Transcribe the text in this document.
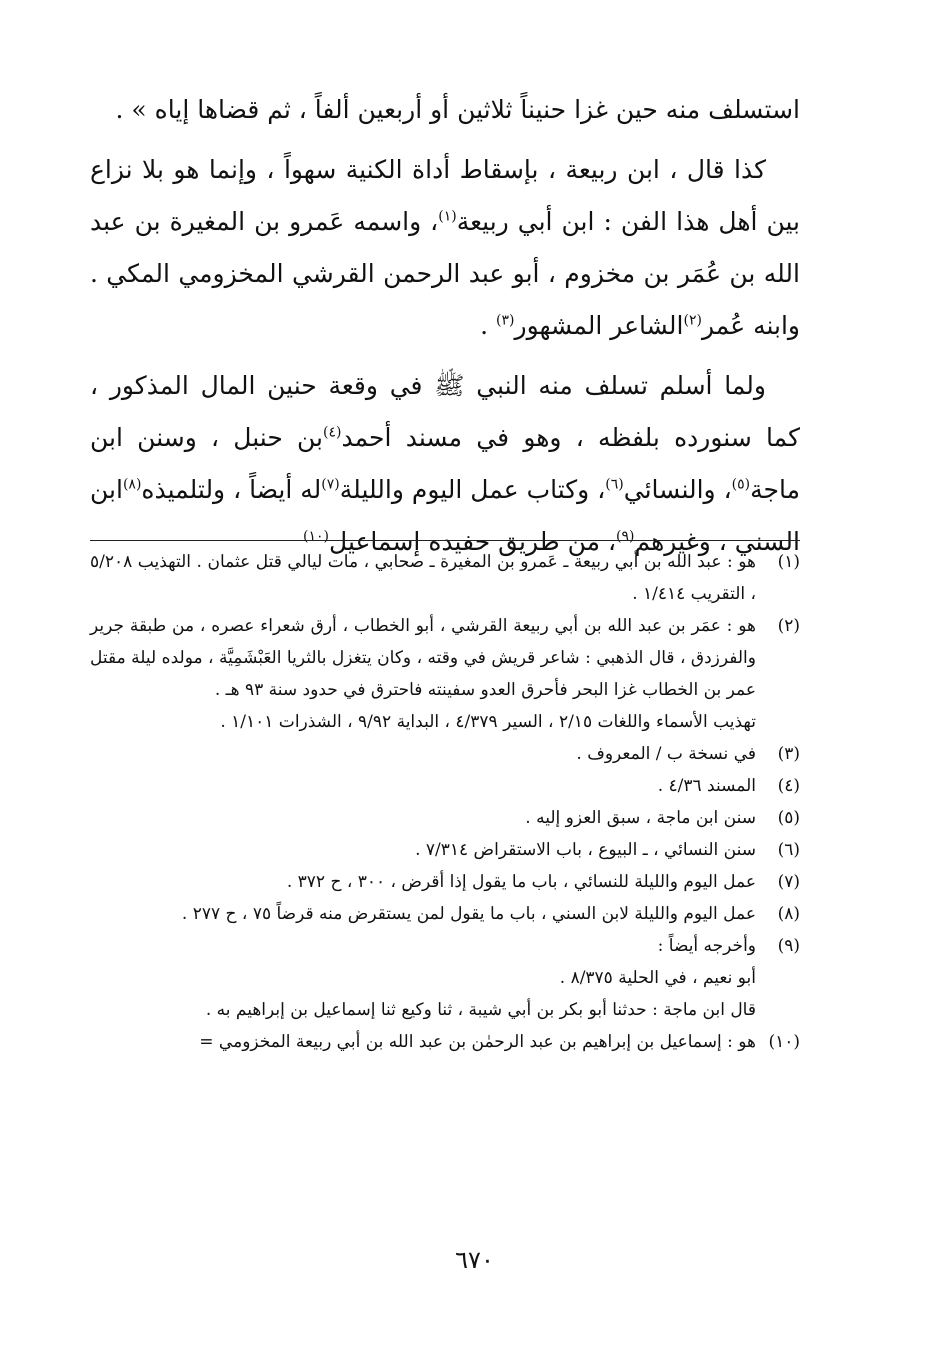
استسلف منه حين غزا حنيناً ثلاثين أو أربعين ألفاً ، ثم قضاها إياه » .

كذا قال ، ابن ربيعة ، بإسقاط أداة الكنية سهواً ، وإنما هو بلا نزاع بين أهل هذا الفن : ابن أبي ربيعة$^{(١)}$، واسمه عَمرو بن المغيرة بن عبد الله بن عُمَر بن مخزوم ، أبو عبد الرحمن القرشي المخزومي المكي . وابنه عُمر$^{(٢)}$الشاعر المشهور$^{(٣)}$ .

ولما أسلم تسلف منه النبي ﷺ في وقعة حنين المال المذكور ، كما سنورده بلفظه ، وهو في مسند أحمد$^{(٤)}$بن حنبل ، وسنن ابن ماجة$^{(٥)}$، والنسائي$^{(٦)}$، وكتاب عمل اليوم والليلة$^{(٧)}$له أيضاً ، ولتلميذه$^{(٨)}$ابن السني ، وغيرهم$^{(٩)}$، من طريق حفيده إسماعيل$^{(١٠)}$

(١)
هو : عبد الله بن أبي ربيعة ـ عَمرو بن المغيرة ـ صحابي ، مات ليالي قتل عثمان . التهذيب ٥/٢٠٨ ، التقريب ١/٤١٤ .
(٢)
هو : عمَر بن عبد الله بن أبي ربيعة القرشي ، أبو الخطاب ، أرق شعراء عصره ، من طبقة جرير والفرزدق ، قال الذهبي : شاعر قريش في وقته ، وكان يتغزل بالثريا العَبْشَمِيَّة ، مولده ليلة مقتل عمر بن الخطاب غزا البحر فأحرق العدو سفينته فاحترق في حدود سنة ٩٣ هـ .
تهذيب الأسماء واللغات ٢/١٥ ، السير ٤/٣٧٩ ، البداية ٩/٩٢ ، الشذرات ١/١٠١ .
(٣)
في نسخة ب / المعروف .
(٤)
المسند ٤/٣٦ .
(٥)
سنن ابن ماجة ، سبق العزو إليه .
(٦)
سنن النسائي ، ـ البيوع ، باب الاستقراض ٧/٣١٤ .
(٧)
عمل اليوم والليلة للنسائي ، باب ما يقول إذا أقرض ، ٣٠٠ ، ح ٣٧٢ .
(٨)
عمل اليوم والليلة لابن السني ، باب ما يقول لمن يستقرض منه قرضاً ٧٥ ، ح ٢٧٧ .
(٩)
وأخرجه أيضاً :
أبو نعيم ، في الحلية ٨/٣٧٥ .
قال ابن ماجة : حدثنا أبو بكر بن أبي شيبة ، ثنا وكيع ثنا إسماعيل بن إبراهيم به .
(١٠)
هو : إسماعيل بن إبراهيم بن عبد الرحمٰن بن عبد الله بن أبي ربيعة المخزومي =
٦٧٠
